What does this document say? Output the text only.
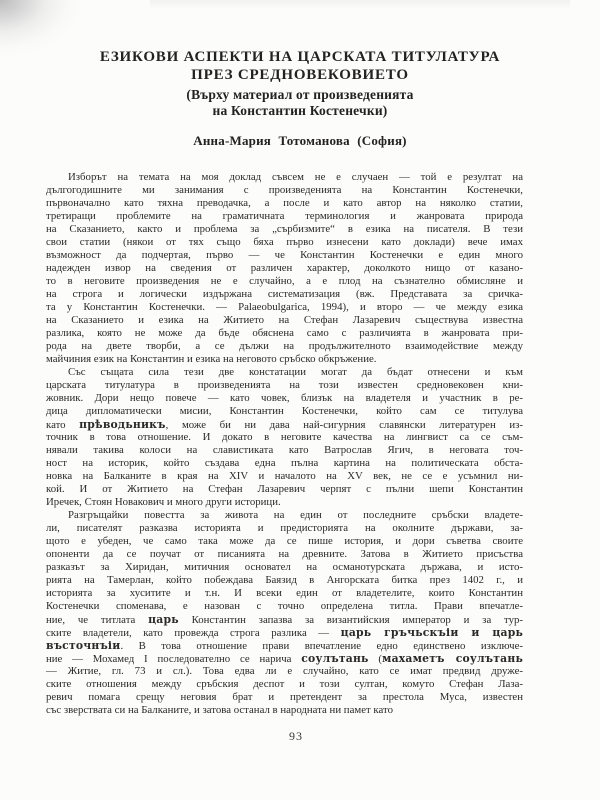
ЕЗИКОВИ АСПЕКТИ НА ЦАРСКАТА ТИТУЛАТУРА
ПРЕЗ СРЕДНОВЕКОВИЕТО
(Върху материал от произведенията
на Константин Костенечки)
Анна-Мария Тотоманова (София)
Изборът на темата на моя доклад съвсем не е случаен — той е резултат на
дългогодишните ми занимания с произведенията на Константин Костенечки,
първоначално като тяхна преводачка, а после и като автор на няколко статии,
третиращи проблемите на граматичната терминология и жанровата природа
на Сказанието, както и проблема за „сърбизмите“ в езика на писателя. В тези
свои статии (някои от тях също бяха първо изнесени като доклади) вече имах
възможност да подчертая, първо — че Константин Костенечки е един много
надежден извор на сведения от различен характер, доколкото нищо от казано-
то в неговите произведения не е случайно, а е плод на съзнателно обмисляне и
на строга и логически издържана систематизация (вж. Представата за сричка-
та у Константин Костенечки. — Palaeobulgarica, 1994), и второ — че между езика
на Сказанието и езика на Житието на Стефан Лазаревич съществува известна
разлика, която не може да бъде обяснена само с различията в жанровата при-
рода на двете творби, а се дължи на продължителното взаимодействие между
майчиния език на Константин и езика на неговото сръбско обкръжение.
Със същата сила тези две констатации могат да бъдат отнесени и към
царската титулатура в произведенията на този известен средновековен кни-
жовник. Дори нещо повече — като човек, близък на владетеля и участник в ре-
дица дипломатически мисии, Константин Костенечки, който сам се титулува
като прѣводьникъ, може би ни дава най-сигурния славянски литературен из-
точник в това отношение. И докато в неговите качества на лингвист са се съм-
нявали такива колоси на славистиката като Ватрослав Ягич, в неговата точ-
ност на историк, който създава една пълна картина на политическата обста-
новка на Балканите в края на XIV и началото на XV век, не се е усъмнил ни-
кой. И от Житието на Стефан Лазаревич черпят с пълни шепи Константин
Иречек, Стоян Новакович и много други историци.
Разгръщайки повестта за живота на един от последните сръбски владете-
ли, писателят разказва историята и предисторията на околните държави, за-
щото е убеден, че само така може да се пише история, и дори съветва своите
опоненти да се поучат от писанията на древните. Затова в Житието присъства
разказът за Хиридан, митичния основател на османотурската държава, и исто-
рията на Тамерлан, който побеждава Баязид в Ангорската битка през 1402 г., и
историята за хуситите и т.н. И всеки един от владетелите, които Константин
Костенечки споменава, е назован с точно определена титла. Прави впечатле-
ние, че титлата царь Константин запазва за византийския император и за тур-
ските владетели, като провежда строга разлика — царь гръчьскъіи и царь
въсточнъіи. В това отношение прави впечатление едно единствено изключе-
ние — Мохамед I последователно се нарича соулътань (махаметъ соулътань
— Житие, гл. 73 и сл.). Това едва ли е случайно, като се имат предвид друже-
ските отношения между сръбския деспот и този султан, комуто Стефан Лаза-
ревич помага срещу неговия брат и претендент за престола Муса, известен
със зверствата си на Балканите, и затова останал в народната ни памет като
93
